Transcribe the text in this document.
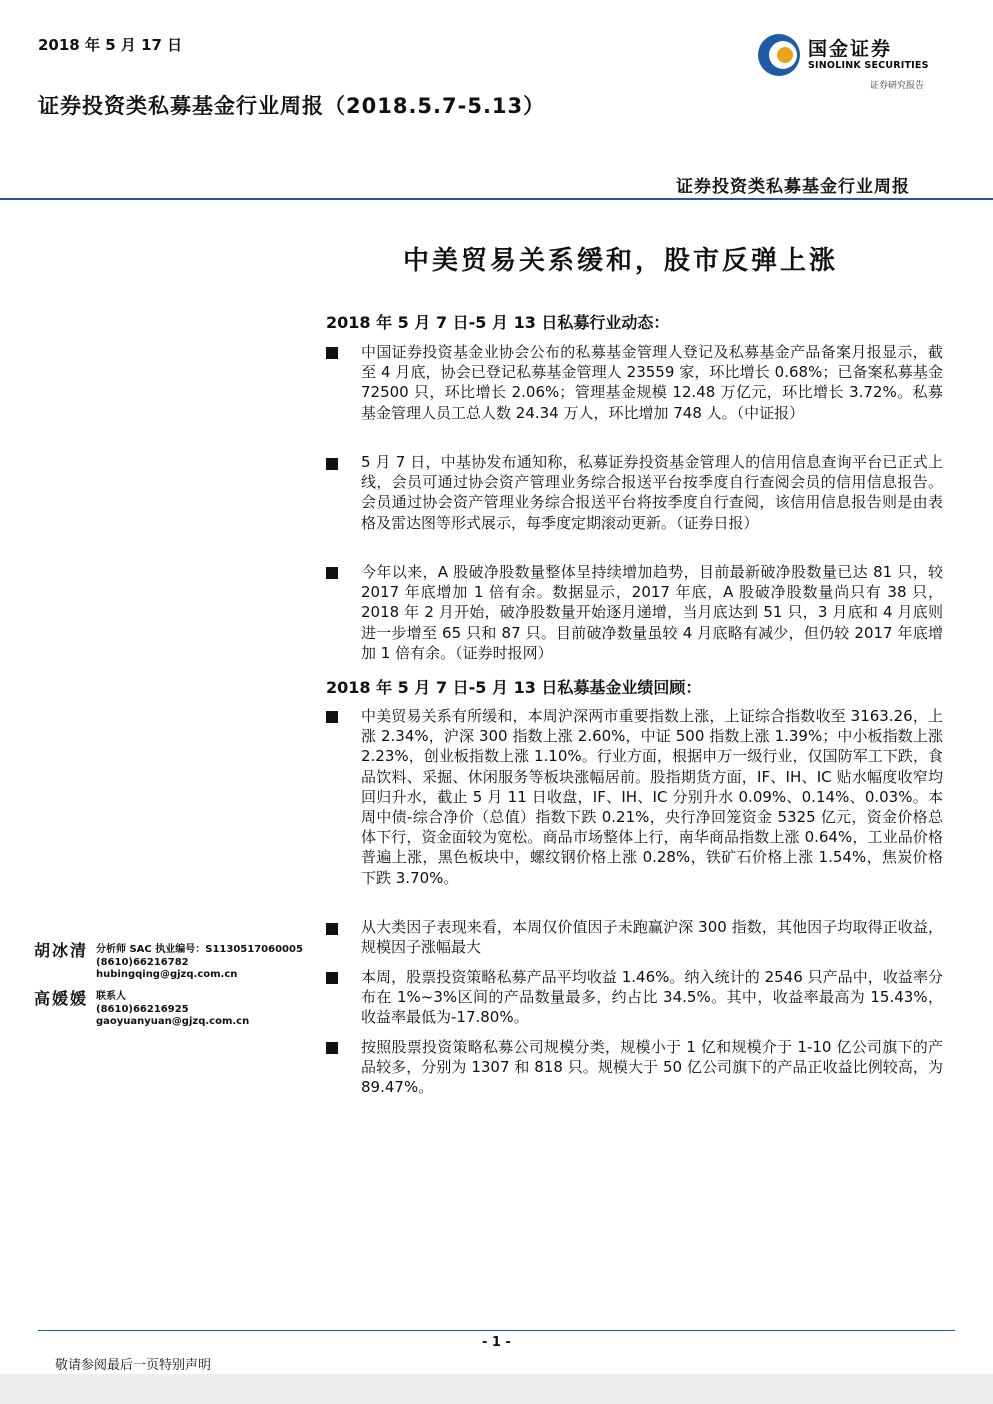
2018 年 5 月 17 日
证券投资类私募基金行业周报（2018.5.7-5.13）
国金证券
SINOLINK SECURITIES
证券研究报告
证券投资类私募基金行业周报
中美贸易关系缓和，股市反弹上涨
2018 年 5 月 7 日-5 月 13 日私募行业动态：
中国证券投资基金业协会公布的私募基金管理人登记及私募基金产品备案月报显示，截至 4 月底，协会已登记私募基金管理人 23559 家，环比增长 0.68%；已备案私募基金 72500 只，环比增长 2.06%；管理基金规模 12.48 万亿元，环比增长 3.72%。私募基金管理人员工总人数 24.34 万人，环比增加 748 人。（中证报）
5 月 7 日，中基协发布通知称，私募证券投资基金管理人的信用信息查询平台已正式上线，会员可通过协会资产管理业务综合报送平台按季度自行查阅会员的信用信息报告。会员通过协会资产管理业务综合报送平台将按季度自行查阅，该信用信息报告则是由表格及雷达图等形式展示，每季度定期滚动更新。（证券日报）
今年以来，A 股破净股数量整体呈持续增加趋势，目前最新破净股数量已达 81 只，较 2017 年底增加 1 倍有余。数据显示，2017 年底，A 股破净股数量尚只有 38 只，2018 年 2 月开始，破净股数量开始逐月递增，当月底达到 51 只，3 月底和 4 月底则进一步增至 65 只和 87 只。目前破净数量虽较 4 月底略有减少，但仍较 2017 年底增加 1 倍有余。（证券时报网）
2018 年 5 月 7 日-5 月 13 日私募基金业绩回顾：
中美贸易关系有所缓和，本周沪深两市重要指数上涨，上证综合指数收至 3163.26，上涨 2.34%，沪深 300 指数上涨 2.60%，中证 500 指数上涨 1.39%；中小板指数上涨 2.23%，创业板指数上涨 1.10%。行业方面，根据申万一级行业，仅国防军工下跌，食品饮料、采掘、休闲服务等板块涨幅居前。股指期货方面，IF、IH、IC 贴水幅度收窄均回归升水，截止 5 月 11 日收盘，IF、IH、IC 分别升水 0.09%、0.14%、0.03%。本周中债-综合净价（总值）指数下跌 0.21%，央行净回笼资金 5325 亿元，资金价格总体下行，资金面较为宽松。商品市场整体上行，南华商品指数上涨 0.64%，工业品价格普遍上涨，黑色板块中，螺纹钢价格上涨 0.28%，铁矿石价格上涨 1.54%，焦炭价格下跌 3.70%。
从大类因子表现来看，本周仅价值因子未跑赢沪深 300 指数，其他因子均取得正收益，规模因子涨幅最大
本周，股票投资策略私募产品平均收益 1.46%。纳入统计的 2546 只产品中，收益率分布在 1%~3%区间的产品数量最多，约占比 34.5%。其中，收益率最高为 15.43%，收益率最低为-17.80%。
按照股票投资策略私募公司规模分类，规模小于 1 亿和规模介于 1-10 亿公司旗下的产品较多，分别为 1307 和 818 只。规模大于 50 亿公司旗下的产品正收益比例较高，为 89.47%。
胡冰清 分析师 SAC 执业编号：S1130517060005
(8610)66216782
hubingqing@gjzq.com.cn
高媛媛 联系人
(8610)66216925
gaoyuanyuan@gjzq.com.cn
- 1 -
敬请参阅最后一页特别声明
